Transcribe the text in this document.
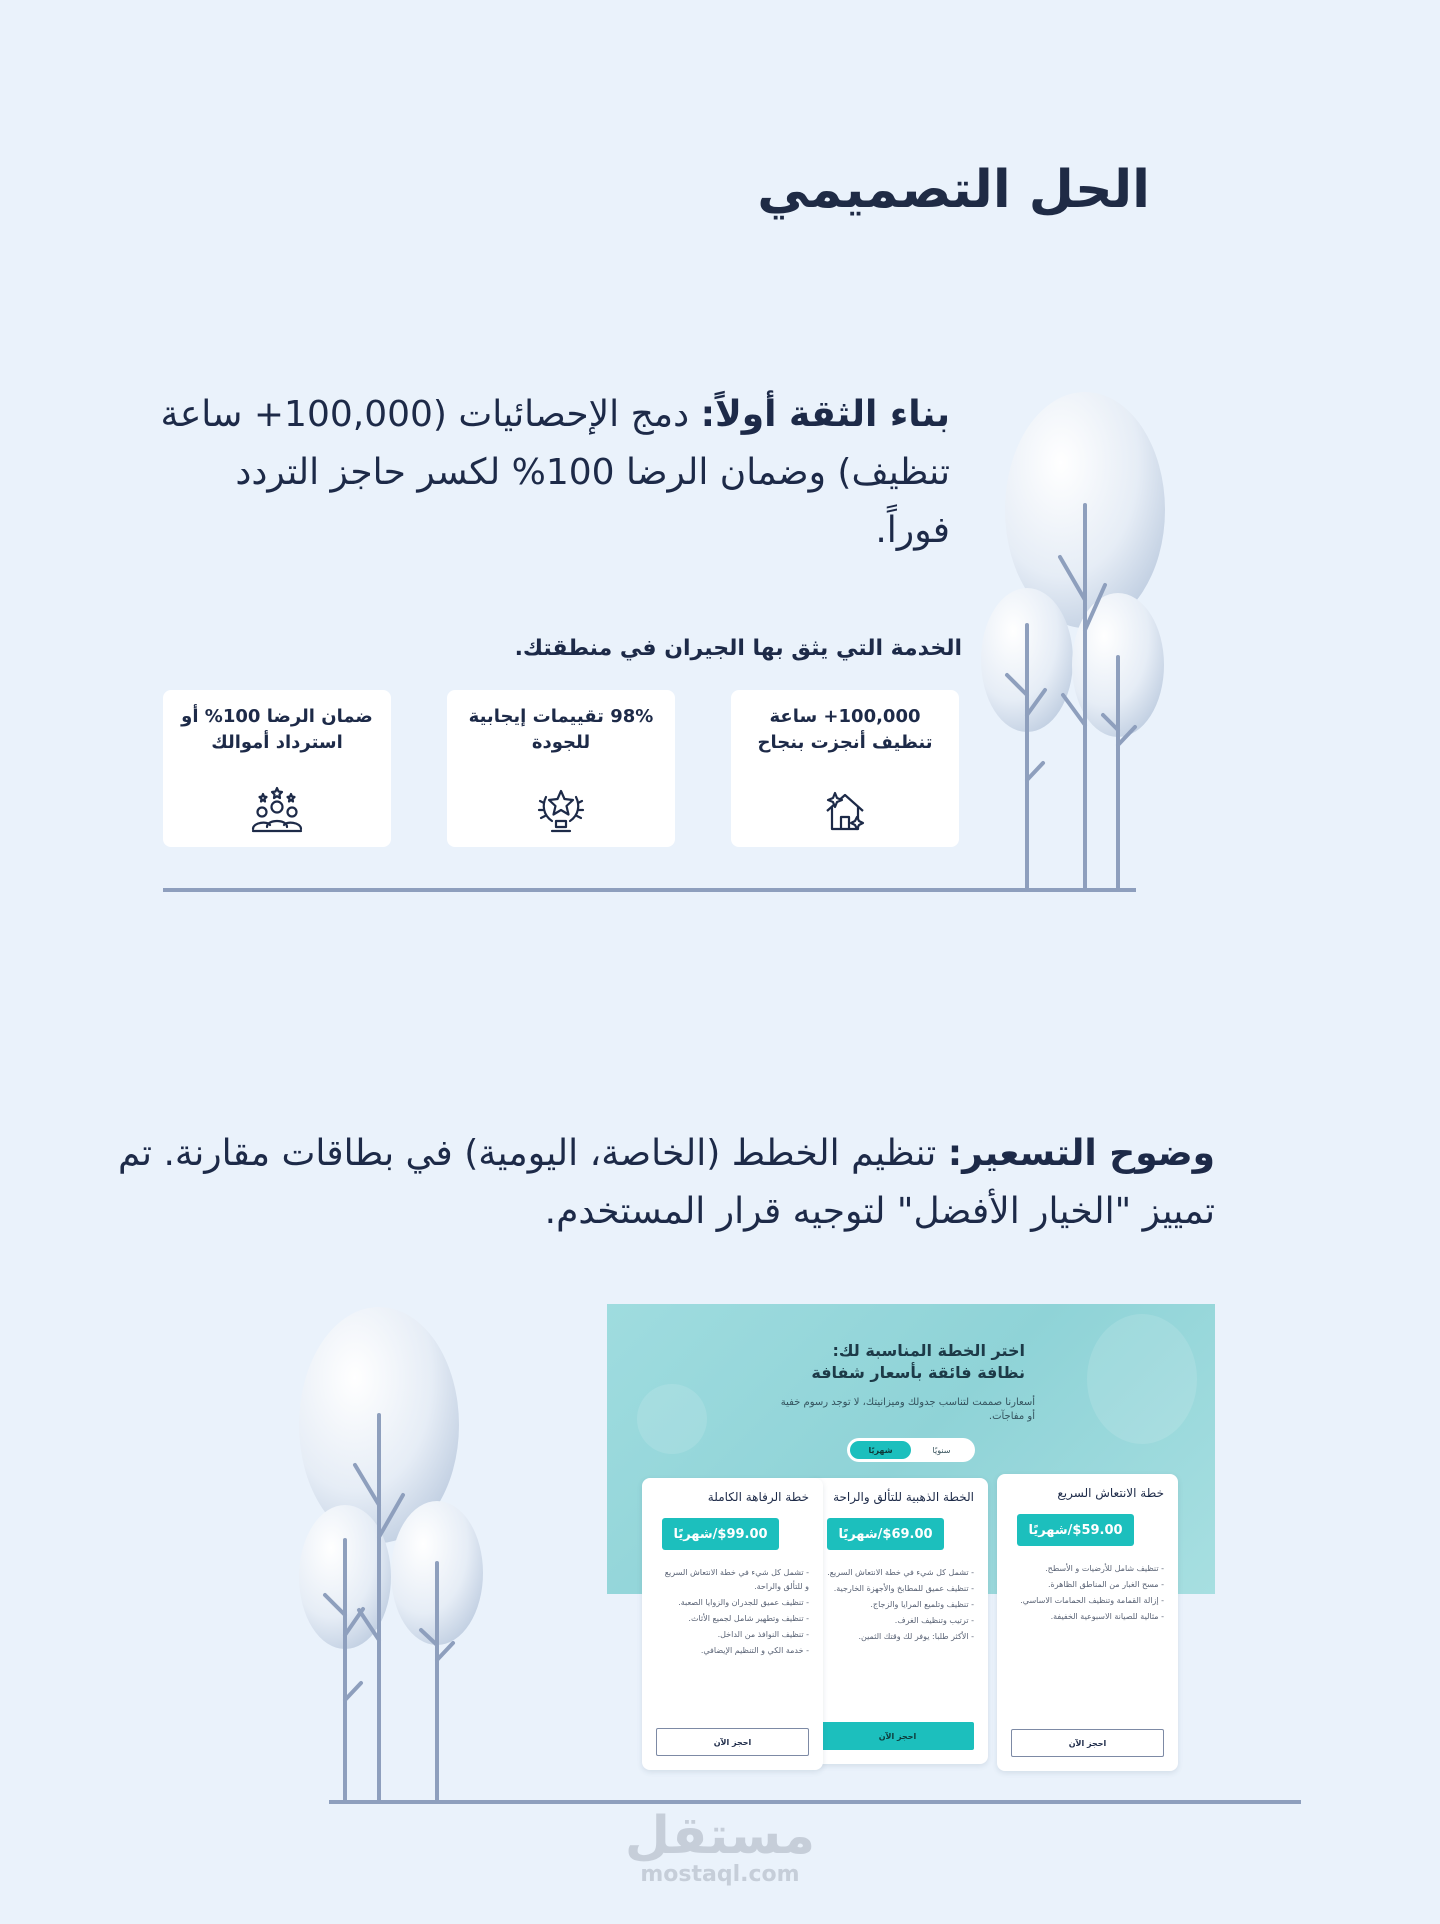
الحل التصميمي
بناء الثقة أولاً: دمج الإحصائيات (100,000+ ساعة تنظيف) وضمان الرضا 100% لكسر حاجز التردد فوراً.
الخدمة التي يثق بها الجيران في منطقتك.
100,000+ ساعة تنظيف أنجزت بنجاح
98% تقييمات إيجابية للجودة
ضمان الرضا 100% أو استرداد أموالك
وضوح التسعير: تنظيم الخطط (الخاصة، اليومية) في بطاقات مقارنة. تم تمييز "الخيار الأفضل" لتوجيه قرار المستخدم.
اختر الخطة المناسبة لك: نظافة فائقة بأسعار شفافة
أسعارنا صممت لتناسب جدولك وميزانيتك، لا توجد رسوم خفية أو مفاجآت.
سنويًا
شهريًا
خطة الانتعاش السريع
$59.00/شهريًا
- تنظيف شامل للأرضيات و الأسطح.
- مسح الغبار من المناطق الظاهرة.
- إزالة القمامة وتنظيف الحمامات الاساسي.
- مثالية للصيانة الاسبوعية الخفيفة.
احجز الآن
الخطة الذهبية للتألق والراحة
$69.00/شهريًا
- تشمل كل شيء في خطة الانتعاش السريع.
- تنظيف عميق للمطابخ والأجهزة الخارجية.
- تنظيف وتلميع المرايا والزجاج.
- ترتيب وتنظيف الغرف.
- الأكثر طلبا: يوفر لك وقتك الثمين.
احجز الآن
خطة الرفاهة الكاملة
$99.00/شهريًا
- تشمل كل شيء في خطة الانتعاش السريع و للتألق والراحة.
- تنظيف عميق للجدران والزوايا الصعبة.
- تنظيف وتطهير شامل لجميع الأثاث.
- تنظيف النوافذ من الداخل.
- خدمة الكي و التنظيم الإيضافي.
احجز الآن
مستقل
mostaql.com
